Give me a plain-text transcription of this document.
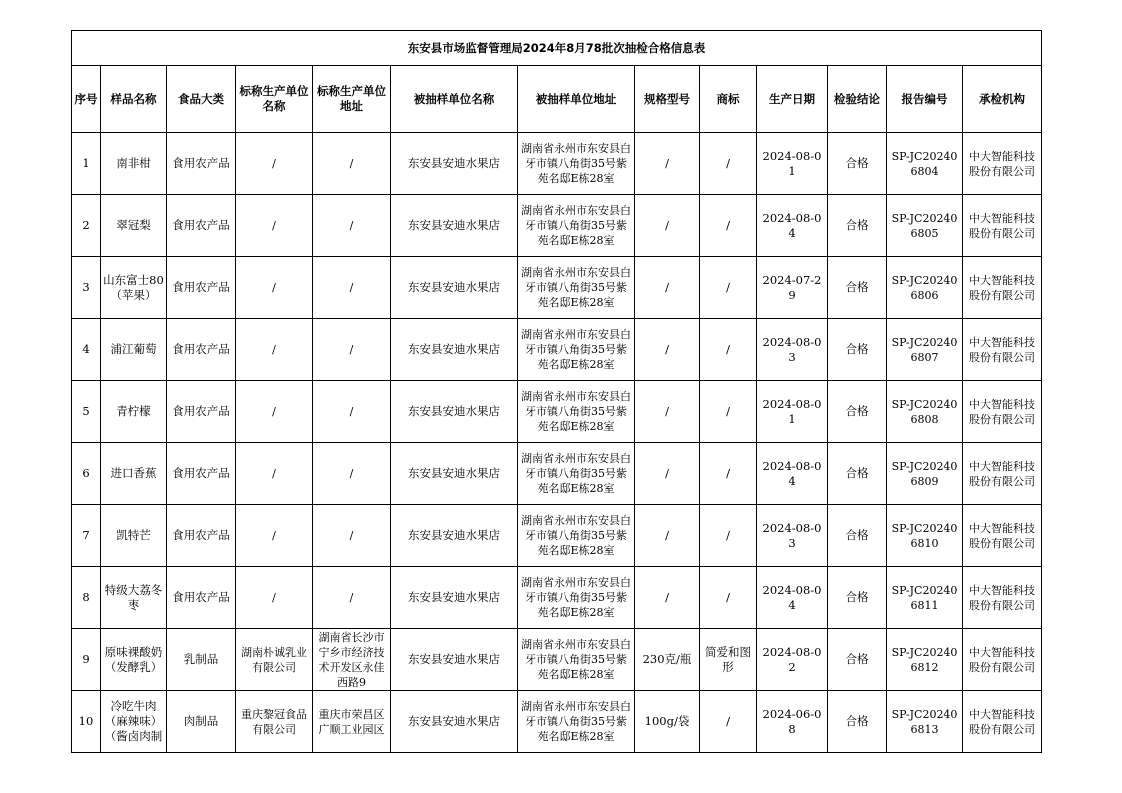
东安县市场监督管理局2024年8月78批次抽检合格信息表												
序号	样品名称	食品大类	标称生产单位名称	标称生产单位地址	被抽样单位名称	被抽样单位地址	规格型号	商标	生产日期	检验结论	报告编号	承检机构
1	南非柑	食用农产品	/	/	东安县安迪水果店	湖南省永州市东安县白牙市镇八角街35号紫苑名邸E栋28室	/	/	2024-08-01	合格	SP-JC202406804	中大智能科技股份有限公司
2	翠冠梨	食用农产品	/	/	东安县安迪水果店	湖南省永州市东安县白牙市镇八角街35号紫苑名邸E栋28室	/	/	2024-08-04	合格	SP-JC202406805	中大智能科技股份有限公司
3	山东富士80（苹果）	食用农产品	/	/	东安县安迪水果店	湖南省永州市东安县白牙市镇八角街35号紫苑名邸E栋28室	/	/	2024-07-29	合格	SP-JC202406806	中大智能科技股份有限公司
4	浦江葡萄	食用农产品	/	/	东安县安迪水果店	湖南省永州市东安县白牙市镇八角街35号紫苑名邸E栋28室	/	/	2024-08-03	合格	SP-JC202406807	中大智能科技股份有限公司
5	青柠檬	食用农产品	/	/	东安县安迪水果店	湖南省永州市东安县白牙市镇八角街35号紫苑名邸E栋28室	/	/	2024-08-01	合格	SP-JC202406808	中大智能科技股份有限公司
6	进口香蕉	食用农产品	/	/	东安县安迪水果店	湖南省永州市东安县白牙市镇八角街35号紫苑名邸E栋28室	/	/	2024-08-04	合格	SP-JC202406809	中大智能科技股份有限公司
7	凯特芒	食用农产品	/	/	东安县安迪水果店	湖南省永州市东安县白牙市镇八角街35号紫苑名邸E栋28室	/	/	2024-08-03	合格	SP-JC202406810	中大智能科技股份有限公司
8	特级大荔冬枣	食用农产品	/	/	东安县安迪水果店	湖南省永州市东安县白牙市镇八角街35号紫苑名邸E栋28室	/	/	2024-08-04	合格	SP-JC202406811	中大智能科技股份有限公司
9	原味裸酸奶（发酵乳）	乳制品	湖南朴诚乳业有限公司	湖南省长沙市宁乡市经济技术开发区永佳西路9	东安县安迪水果店	湖南省永州市东安县白牙市镇八角街35号紫苑名邸E栋28室	230克/瓶	简爱和图形	2024-08-02	合格	SP-JC202406812	中大智能科技股份有限公司
10	冷吃牛肉（麻辣味）（酱卤肉制	肉制品	重庆黎冠食品有限公司	重庆市荣昌区广顺工业园区	东安县安迪水果店	湖南省永州市东安县白牙市镇八角街35号紫苑名邸E栋28室	100g/袋	/	2024-06-08	合格	SP-JC202406813	中大智能科技股份有限公司
